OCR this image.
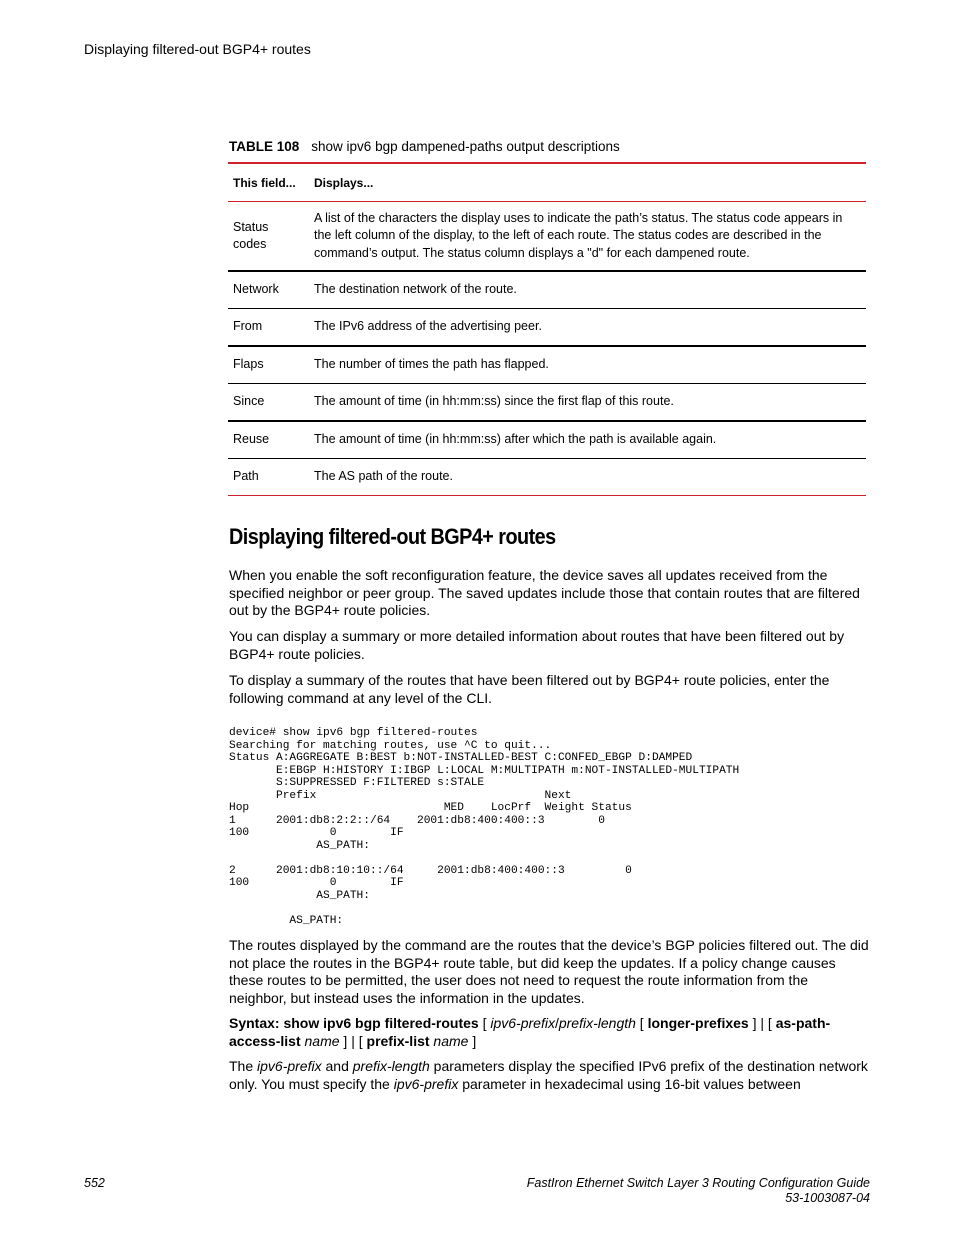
Displaying filtered-out BGP4+ routes
TABLE 108 show ipv6 bgp dampened-paths output descriptions
This field...	Displays...
Status codes	A list of the characters the display uses to indicate the path’s status. The status code appears in the left column of the display, to the left of each route. The status codes are described in the command’s output. The status column displays a "d" for each dampened route.
Network	The destination network of the route.
From	The IPv6 address of the advertising peer.
Flaps	The number of times the path has flapped.
Since	The amount of time (in hh:mm:ss) since the first flap of this route.
Reuse	The amount of time (in hh:mm:ss) after which the path is available again.
Path	The AS path of the route.
Displaying filtered-out BGP4+ routes

When you enable the soft reconfiguration feature, the device saves all updates received from the specified neighbor or peer group. The saved updates include those that contain routes that are filtered out by the BGP4+ route policies.

You can display a summary or more detailed information about routes that have been filtered out by BGP4+ route policies.

To display a summary of the routes that have been filtered out by BGP4+ route policies, enter the following command at any level of the CLI.

device# show ipv6 bgp filtered-routes
Searching for matching routes, use ^C to quit...
Status A:AGGREGATE B:BEST b:NOT-INSTALLED-BEST C:CONFED_EBGP D:DAMPED
E:EBGP H:HISTORY I:IBGP L:LOCAL M:MULTIPATH m:NOT-INSTALLED-MULTIPATH
S:SUPPRESSED F:FILTERED s:STALE
Prefix                                  Next
Hop                             MED    LocPrf  Weight Status
1      2001:db8:2:2::/64    2001:db8:400:400::3        0
100            0        IF
AS_PATH:

2      2001:db8:10:10::/64     2001:db8:400:400::3         0
100            0        IF
AS_PATH:

AS_PATH:

The routes displayed by the command are the routes that the device’s BGP policies filtered out. The did not place the routes in the BGP4+ route table, but did keep the updates. If a policy change causes these routes to be permitted, the user does not need to request the route information from the neighbor, but instead uses the information in the updates.

Syntax: show ipv6 bgp filtered-routes [ ipv6-prefix/prefix-length [ longer-prefixes ] | [ as-path-access-list name ] | [ prefix-list name ]

The ipv6-prefix and prefix-length parameters display the specified IPv6 prefix of the destination network only. You must specify the ipv6-prefix parameter in hexadecimal using 16-bit values between

552	FastIron Ethernet Switch Layer 3 Routing Configuration Guide
53-1003087-04
